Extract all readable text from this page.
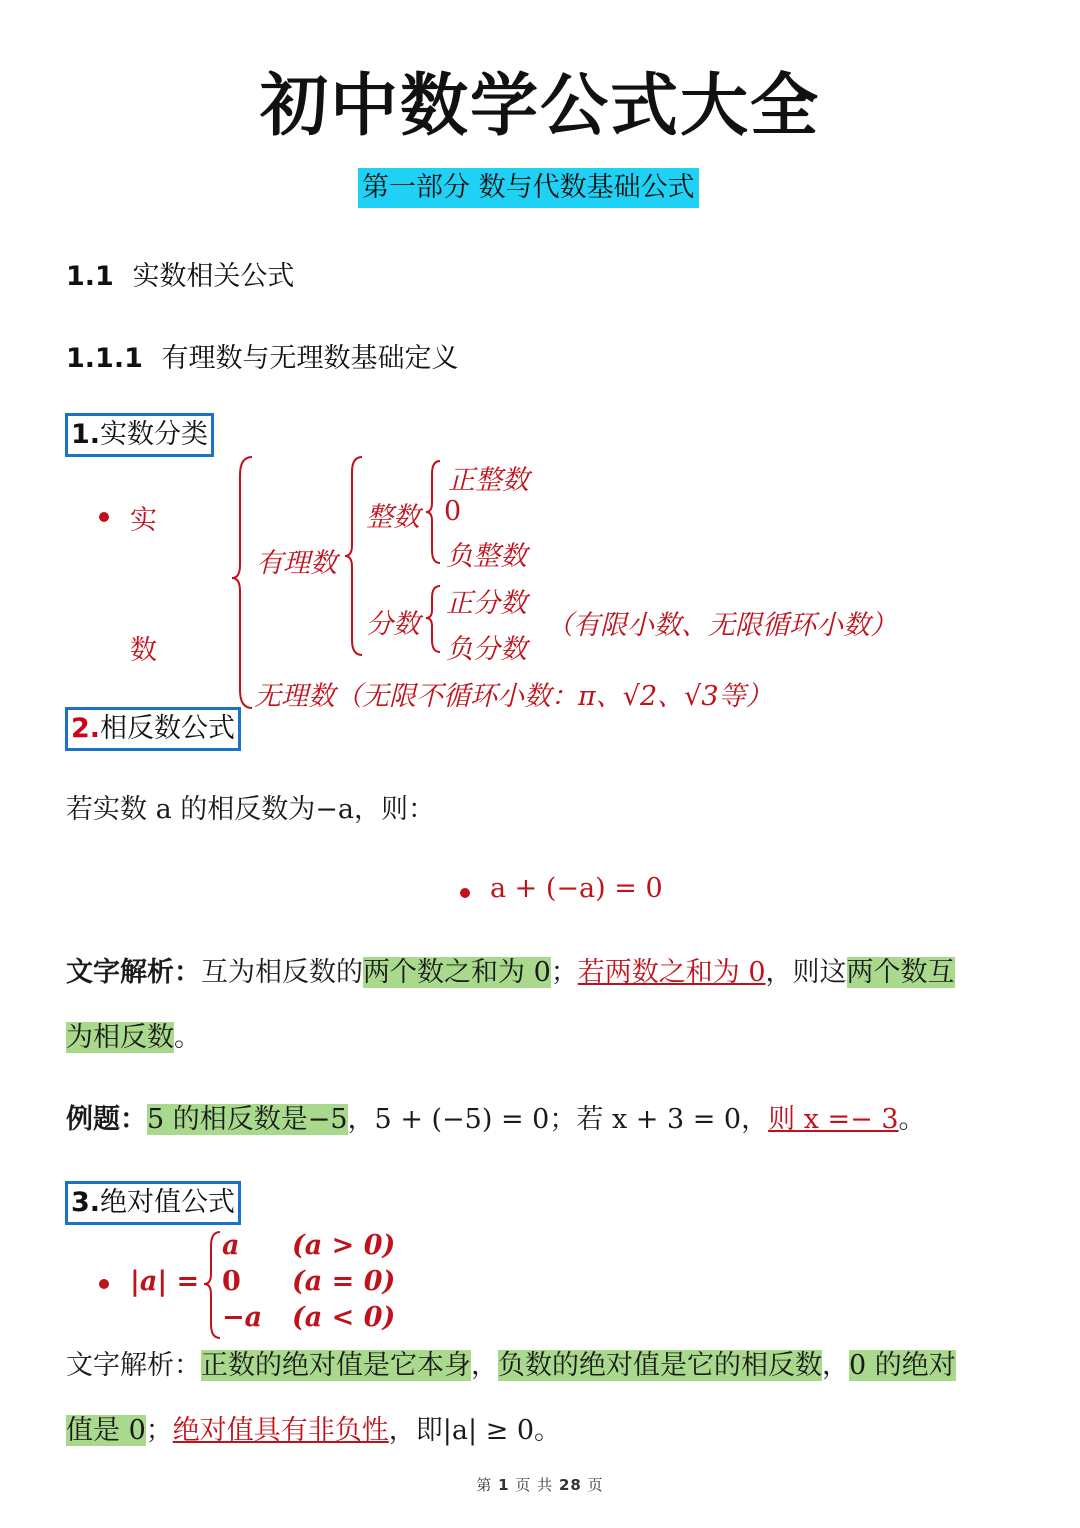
初中数学公式大全
第一部分 数与代数基础公式
1.1 实数相关公式
1.1.1 有理数与无理数基础定义
1.实数分类
实
数
正整数
0
负整数
整数
有理数
分数
正分数
负分数
（有限小数、无限循环小数）
无理数（无限不循环小数：π、√2、√3等）
2.相反数公式
若实数 a 的相反数为−a，则：
a + (−a) = 0
文字解析：互为相反数的两个数之和为 0；若两数之和为 0，则这两个数互
为相反数。
例题：5 的相反数是−5，5 + (−5) = 0；若 x + 3 = 0，则 x =− 3。
3.绝对值公式
|a| =
a (a > 0)
0 (a = 0)
−a (a < 0)
文字解析：正数的绝对值是它本身，负数的绝对值是它的相反数，0 的绝对
值是 0；绝对值具有非负性，即|a| ≥ 0。
第 1 页 共 28 页
